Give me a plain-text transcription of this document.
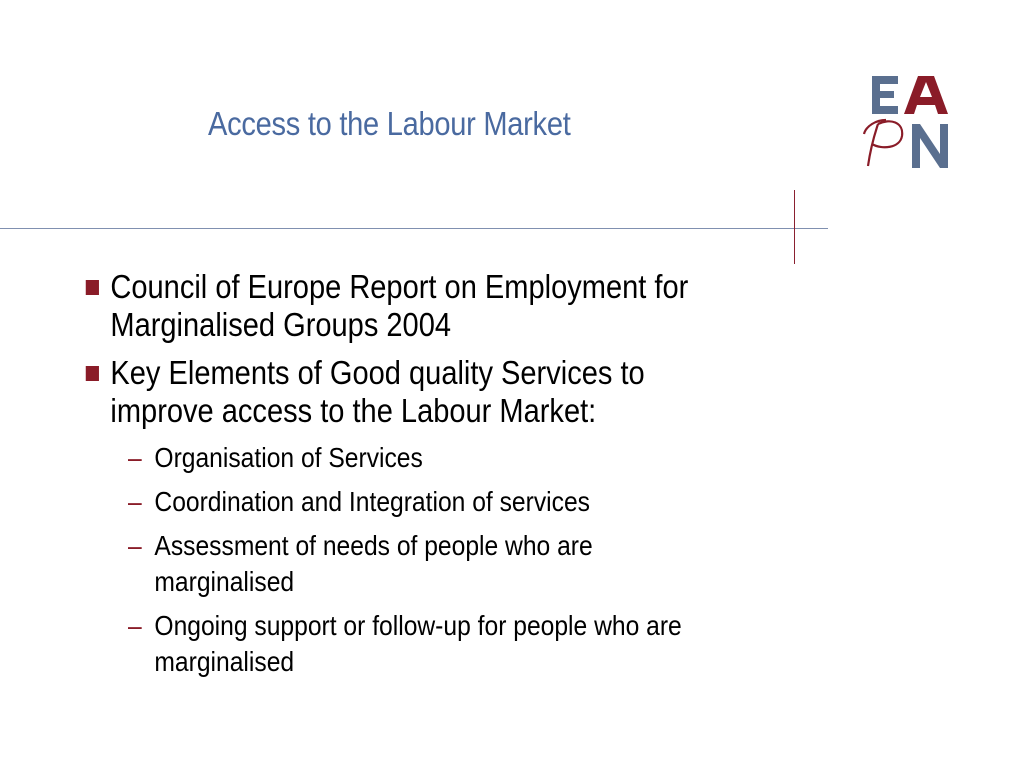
Access to the Labour Market
Council of Europe Report on Employment for
Marginalised Groups 2004
Key Elements of Good quality Services to
improve access to the Labour Market:
– Organisation of Services
– Coordination and Integration of services
– Assessment of needs of people who are
marginalised
– Ongoing support or follow-up for people who are
marginalised
